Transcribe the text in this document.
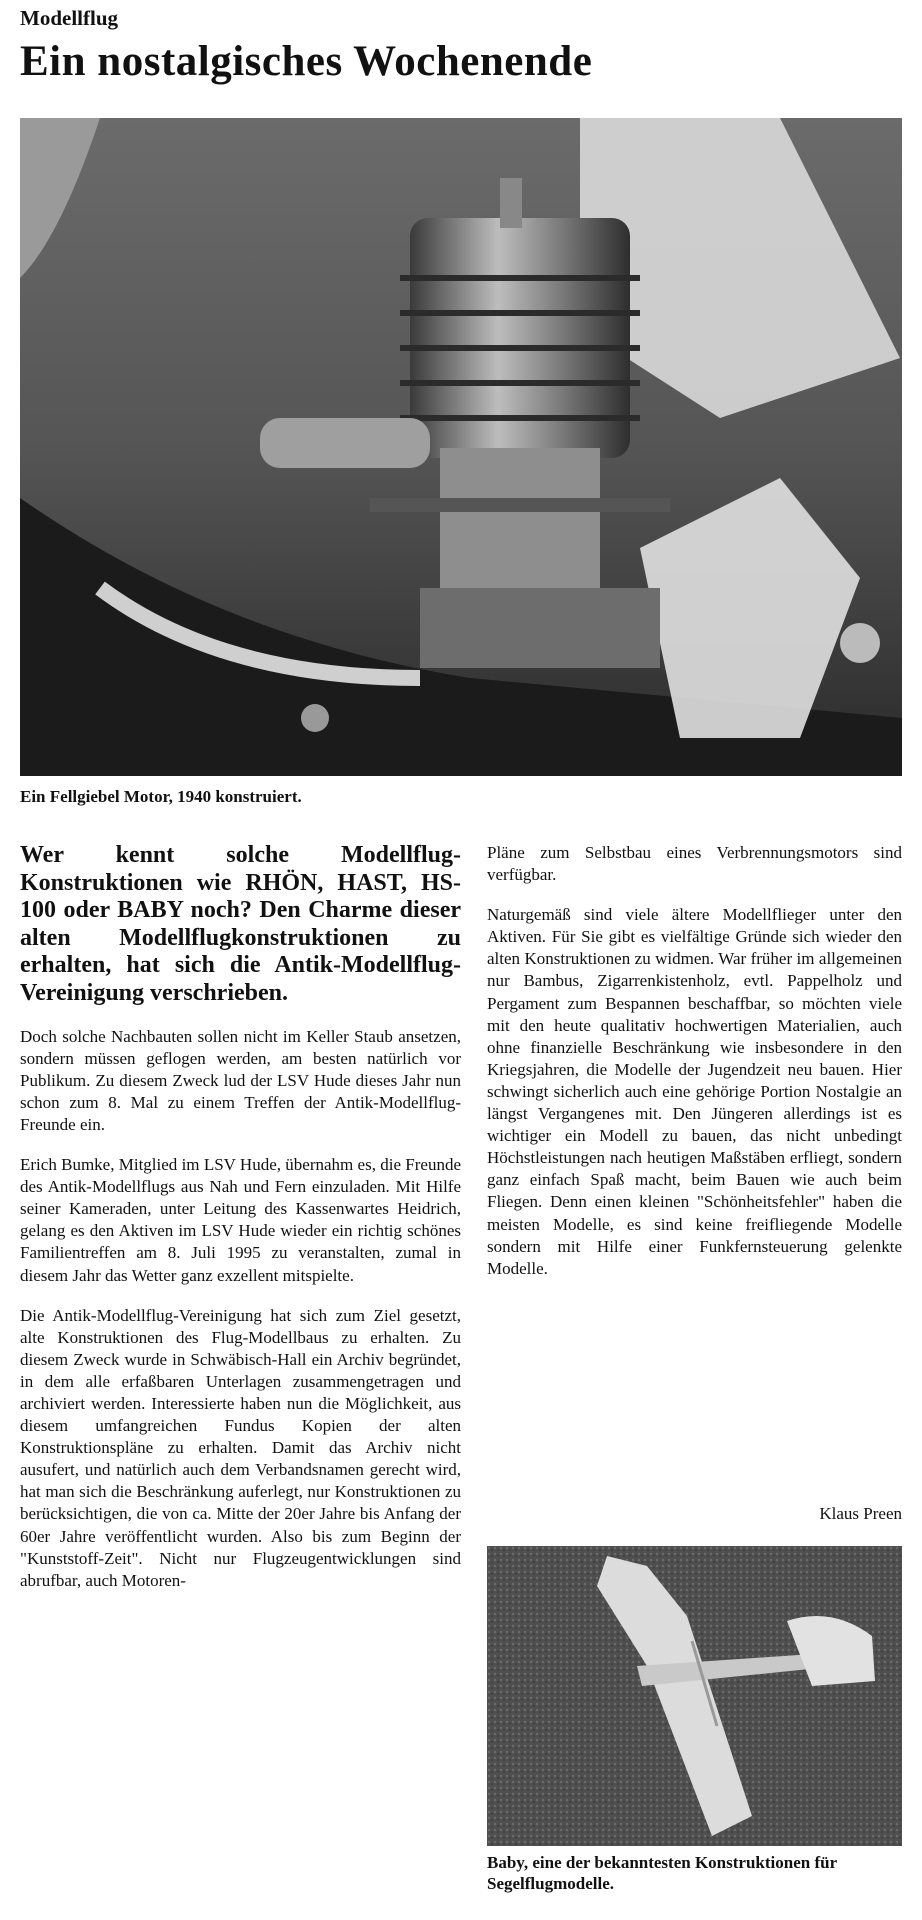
Modellflug
Ein nostalgisches Wochenende
Ein Fellgiebel Motor, 1940 konstruiert.

Wer kennt solche Modellflug-Konstruktionen wie RHÖN, HAST, HS-100 oder BABY noch? Den Charme dieser alten Modellflugkonstruktionen zu erhalten, hat sich die Antik-Modellflug-Vereinigung verschrieben.

Doch solche Nachbauten sollen nicht im Keller Staub ansetzen, sondern müssen geflogen werden, am besten natürlich vor Publikum. Zu diesem Zweck lud der LSV Hude dieses Jahr nun schon zum 8. Mal zu einem Treffen der Antik-Modellflug-Freunde ein.

Erich Bumke, Mitglied im LSV Hude, übernahm es, die Freunde des Antik-Modellflugs aus Nah und Fern einzuladen. Mit Hilfe seiner Kameraden, unter Leitung des Kassenwartes Heidrich, gelang es den Aktiven im LSV Hude wieder ein richtig schönes Familientreffen am 8. Juli 1995 zu veranstalten, zumal in diesem Jahr das Wetter ganz exzellent mitspielte.

Die Antik-Modellflug-Vereinigung hat sich zum Ziel gesetzt, alte Konstruktionen des Flug-Modellbaus zu erhalten. Zu diesem Zweck wurde in Schwäbisch-Hall ein Archiv begründet, in dem alle erfaßbaren Unterlagen zusammengetragen und archiviert werden. Interessierte haben nun die Möglichkeit, aus diesem umfangreichen Fundus Kopien der alten Konstruktionspläne zu erhalten. Damit das Archiv nicht ausufert, und natürlich auch dem Verbandsnamen gerecht wird, hat man sich die Beschränkung auferlegt, nur Konstruktionen zu berücksichtigen, die von ca. Mitte der 20er Jahre bis Anfang der 60er Jahre veröffentlicht wurden. Also bis zum Beginn der "Kunststoff-Zeit". Nicht nur Flugzeugentwicklungen sind abrufbar, auch Motoren-

Pläne zum Selbstbau eines Verbrennungsmotors sind verfügbar.

Naturgemäß sind viele ältere Modellflieger unter den Aktiven. Für Sie gibt es vielfältige Gründe sich wieder den alten Konstruktionen zu widmen. War früher im allgemeinen nur Bambus, Zigarrenkistenholz, evtl. Pappelholz und Pergament zum Bespannen beschaffbar, so möchten viele mit den heute qualitativ hochwertigen Materialien, auch ohne finanzielle Beschränkung wie insbesondere in den Kriegsjahren, die Modelle der Jugendzeit neu bauen. Hier schwingt sicherlich auch eine gehörige Portion Nostalgie an längst Vergangenes mit. Den Jüngeren allerdings ist es wichtiger ein Modell zu bauen, das nicht unbedingt Höchstleistungen nach heutigen Maßstäben erfliegt, sondern ganz einfach Spaß macht, beim Bauen wie auch beim Fliegen. Denn einen kleinen "Schönheitsfehler" haben die meisten Modelle, es sind keine freifliegende Modelle sondern mit Hilfe einer Funkfernsteuerung gelenkte Modelle.

Klaus Preen
Baby, eine der bekanntesten Konstruktionen für Segelflugmodelle.
